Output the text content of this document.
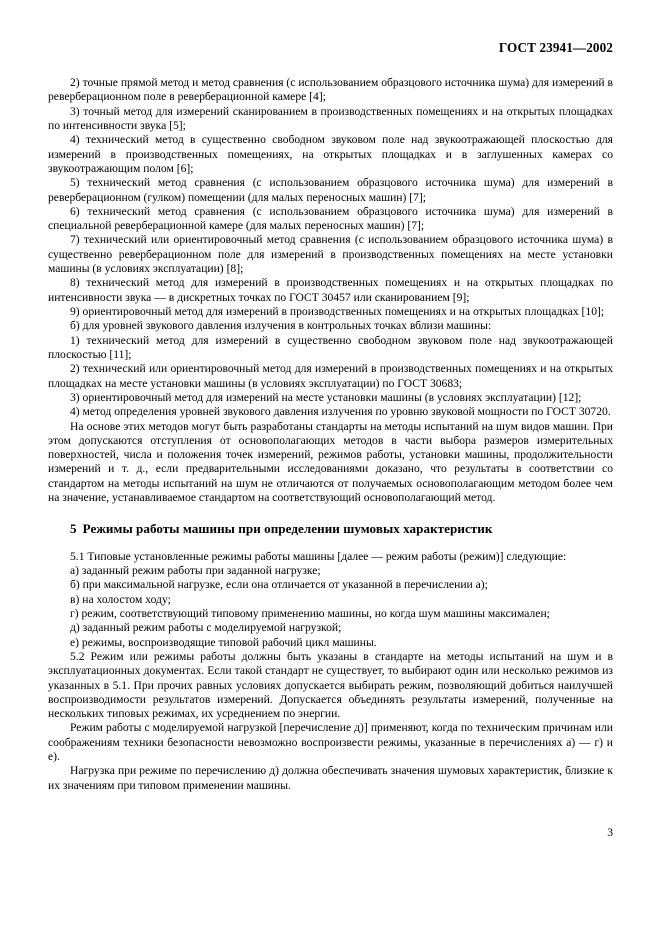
ГОСТ 23941—2002

2) точные прямой метод и метод сравнения (с использованием образцового источника шума) для измерений в реверберационном поле в реверберационной камере [4];

3) точный метод для измерений сканированием в производственных помещениях и на открытых площадках по интенсивности звука [5];

4) технический метод в существенно свободном звуковом поле над звукоотражающей плоскостью для измерений в производственных помещениях, на открытых площадках и в заглушенных камерах со звукоотражающим полом [6];

5) технический метод сравнения (с использованием образцового источника шума) для измерений в реверберационном (гулком) помещении (для малых переносных машин) [7];

6) технический метод сравнения (с использованием образцового источника шума) для измерений в специальной реверберационной камере (для малых переносных машин) [7];

7) технический или ориентировочный метод сравнения (с использованием образцового источника шума) в существенно реверберационном поле для измерений в производственных помещениях на месте установки машины (в условиях эксплуатации) [8];

8) технический метод для измерений в производственных помещениях и на открытых площадках по интенсивности звука — в дискретных точках по ГОСТ 30457 или сканированием [9];

9) ориентировочный метод для измерений в производственных помещениях и на открытых площадках [10];

б) для уровней звукового давления излучения в контрольных точках вблизи машины:

1) технический метод для измерений в существенно свободном звуковом поле над звукоотражающей плоскостью [11];

2) технический или ориентировочный метод для измерений в производственных помещениях и на открытых площадках на месте установки машины (в условиях эксплуатации) по ГОСТ 30683;

3) ориентировочный метод для измерений на месте установки машины (в условиях эксплуатации) [12];

4) метод определения уровней звукового давления излучения по уровню звуковой мощности по ГОСТ 30720.

На основе этих методов могут быть разработаны стандарты на методы испытаний на шум видов машин. При этом допускаются отступления от основополагающих методов в части выбора размеров измерительных поверхностей, числа и положения точек измерений, режимов работы, установки машины, продолжительности измерений и т. д., если предварительными исследованиями доказано, что результаты в соответствии со стандартом на методы испытаний на шум не отличаются от получаемых основополагающим методом более чем на значение, устанавливаемое стандартом на соответствующий основополагающий метод.

5 Режимы работы машины при определении шумовых характеристик

5.1 Типовые установленные режимы работы машины [далее — режим работы (режим)] следующие:

а) заданный режим работы при заданной нагрузке;

б) при максимальной нагрузке, если она отличается от указанной в перечислении а);

в) на холостом ходу;

г) режим, соответствующий типовому применению машины, но когда шум машины максимален;

д) заданный режим работы с моделируемой нагрузкой;

е) режимы, воспроизводящие типовой рабочий цикл машины.

5.2 Режим или режимы работы должны быть указаны в стандарте на методы испытаний на шум и в эксплуатационных документах. Если такой стандарт не существует, то выбирают один или несколько режимов из указанных в 5.1. При прочих равных условиях допускается выбирать режим, позволяющий добиться наилучшей воспроизводимости результатов измерений. Допускается объединять результаты измерений, полученные на нескольких типовых режимах, их усреднением по энергии.

Режим работы с моделируемой нагрузкой [перечисление д)] применяют, когда по техническим причинам или соображениям техники безопасности невозможно воспроизвести режимы, указанные в перечислениях а) — г) и е).

Нагрузка при режиме по перечислению д) должна обеспечивать значения шумовых характеристик, близкие к их значениям при типовом применении машины.

3
